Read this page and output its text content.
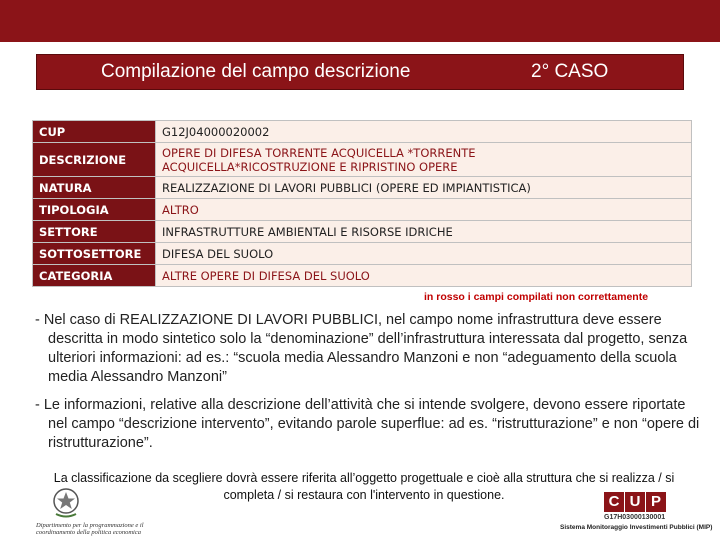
Compilazione del campo descrizione	2° CASO
CUP	G12J04000020002
DESCRIZIONE	OPERE DI DIFESA TORRENTE ACQUICELLA *TORRENTE
ACQUICELLA*RICOSTRUZIONE E RIPRISTINO OPERE

NATURA	REALIZZAZIONE DI LAVORI PUBBLICI (OPERE ED IMPIANTISTICA)
TIPOLOGIA	ALTRO
SETTORE	INFRASTRUTTURE AMBIENTALI E RISORSE IDRICHE
SOTTOSETTORE	DIFESA DEL SUOLO
CATEGORIA	ALTRE OPERE DI DIFESA DEL SUOLO
in rosso i campi compilati non correttamente
- Nel caso di REALIZZAZIONE DI LAVORI PUBBLICI, nel campo nome infrastruttura deve essere descritta in modo sintetico solo la “denominazione” dell’infrastruttura interessata dal progetto, senza ulteriori informazioni: ad es.: “scuola media Alessandro Manzoni e non “adeguamento della scuola media Alessandro Manzoni”
- Le informazioni, relative alla descrizione dell’attività che si intende svolgere, devono essere riportate nel campo “descrizione intervento”, evitando parole superflue: ad es. “ristrutturazione” e non “opere di ristrutturazione”.
La classificazione da scegliere dovrà essere riferita all’oggetto progettuale e cioè alla struttura che si realizza / si completa / si restaura con l'intervento in questione.
Dipartimento per la programmazione e il coordinamento della politica economica
C U P
G17H03000130001
Sistema Monitoraggio Investimenti Pubblici (MIP)
